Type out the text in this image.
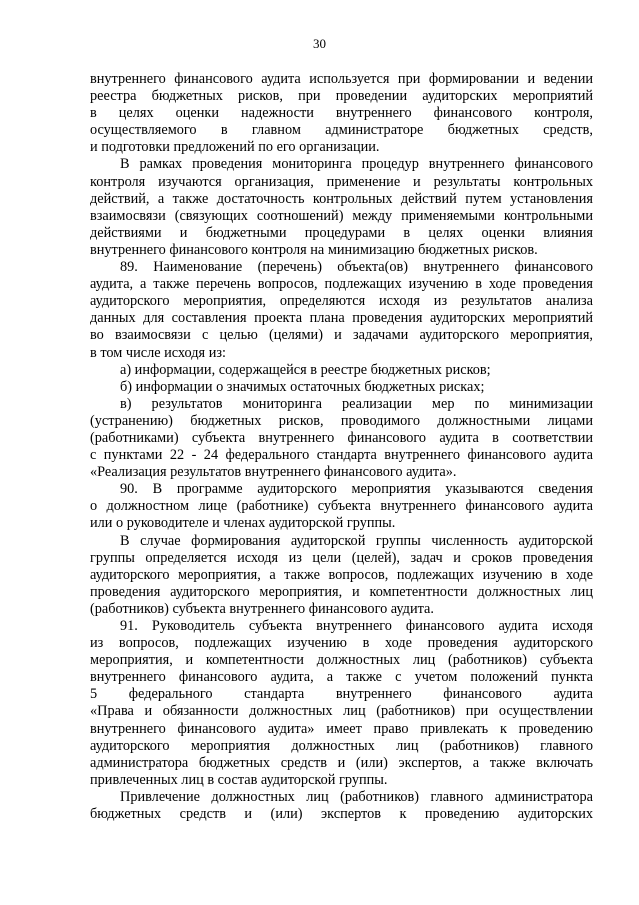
30
внутреннего финансового аудита используется при формировании и ведении
реестра бюджетных рисков, при проведении аудиторских мероприятий
в целях оценки надежности внутреннего финансового контроля,
осуществляемого в главном администраторе бюджетных средств,
и подготовки предложений по его организации.
В рамках проведения мониторинга процедур внутреннего финансового
контроля изучаются организация, применение и результаты контрольных
действий, а также достаточность контрольных действий путем установления
взаимосвязи (связующих соотношений) между применяемыми контрольными
действиями и бюджетными процедурами в целях оценки влияния
внутреннего финансового контроля на минимизацию бюджетных рисков.
89. Наименование (перечень) объекта(ов) внутреннего финансового
аудита, а также перечень вопросов, подлежащих изучению в ходе проведения
аудиторского мероприятия, определяются исходя из результатов анализа
данных для составления проекта плана проведения аудиторских мероприятий
во взаимосвязи с целью (целями) и задачами аудиторского мероприятия,
в том числе исходя из:
а) информации, содержащейся в реестре бюджетных рисков;
б) информации о значимых остаточных бюджетных рисках;
в) результатов мониторинга реализации мер по минимизации
(устранению) бюджетных рисков, проводимого должностными лицами
(работниками) субъекта внутреннего финансового аудита в соответствии
с пунктами 22 - 24 федерального стандарта внутреннего финансового аудита
«Реализация результатов внутреннего финансового аудита».
90. В программе аудиторского мероприятия указываются сведения
о должностном лице (работнике) субъекта внутреннего финансового аудита
или о руководителе и членах аудиторской группы.
В случае формирования аудиторской группы численность аудиторской
группы определяется исходя из цели (целей), задач и сроков проведения
аудиторского мероприятия, а также вопросов, подлежащих изучению в ходе
проведения аудиторского мероприятия, и компетентности должностных лиц
(работников) субъекта внутреннего финансового аудита.
91. Руководитель субъекта внутреннего финансового аудита исходя
из вопросов, подлежащих изучению в ходе проведения аудиторского
мероприятия, и компетентности должностных лиц (работников) субъекта
внутреннего финансового аудита, а также с учетом положений пункта
5 федерального стандарта внутреннего финансового аудита
«Права и обязанности должностных лиц (работников) при осуществлении
внутреннего финансового аудита» имеет право привлекать к проведению
аудиторского мероприятия должностных лиц (работников) главного
администратора бюджетных средств и (или) экспертов, а также включать
привлеченных лиц в состав аудиторской группы.
Привлечение должностных лиц (работников) главного администратора
бюджетных средств и (или) экспертов к проведению аудиторских
